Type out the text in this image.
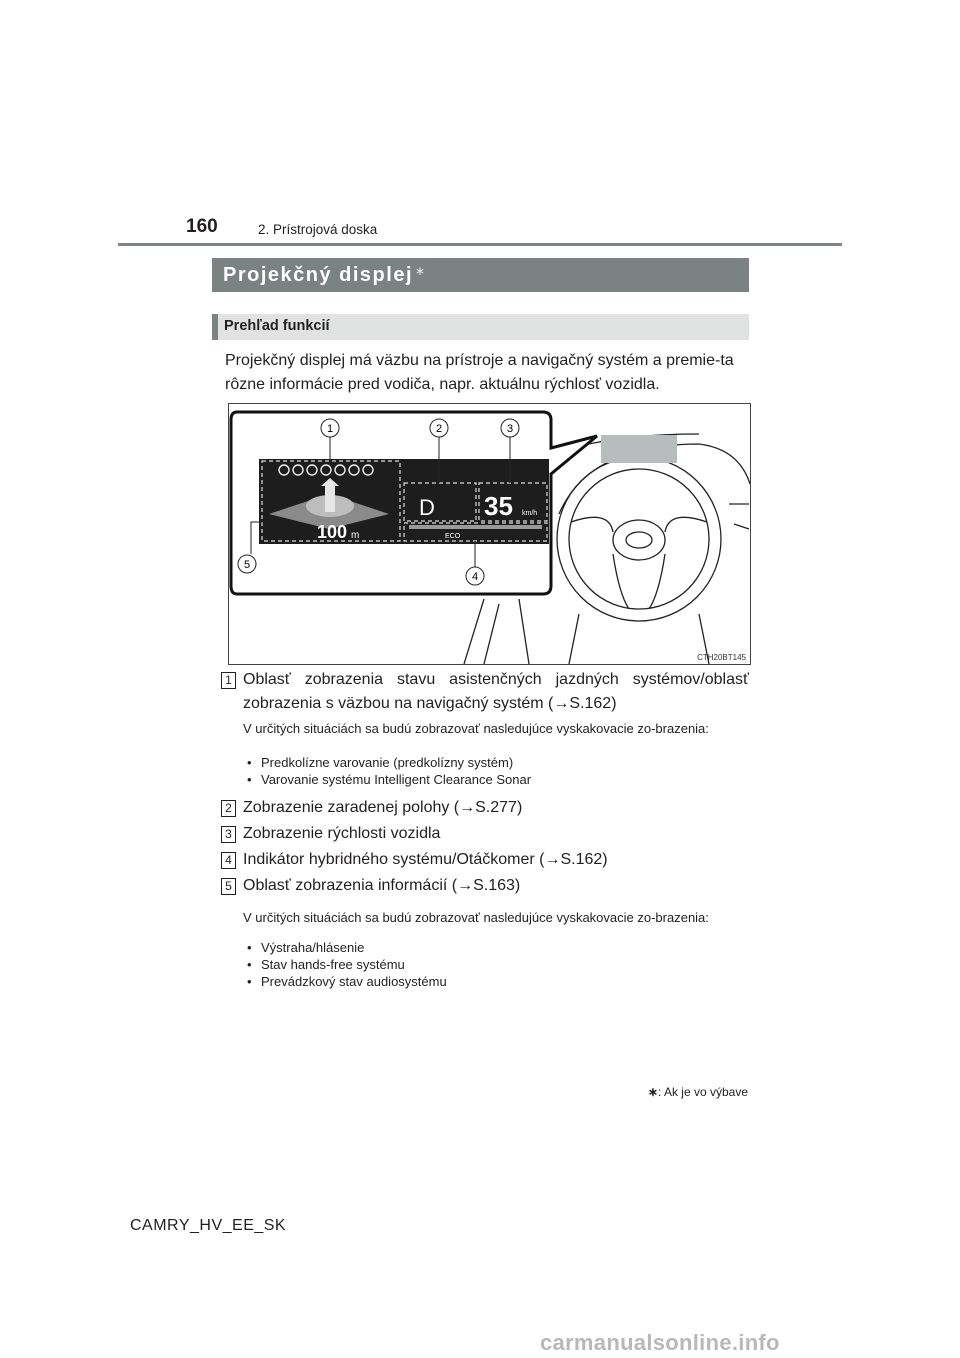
160	2. Prístrojová doska
Projekčný displej ∗
Prehľad funkcií
Projekčný displej má väzbu na prístroje a navigačný systém a premie-ta rôzne informácie pred vodiča, napr. aktuálnu rýchlosť vozidla.
100 m
D 35 km/h
ECO
1	2	3
4
5
CTH20BT145
1 Oblasť zobrazenia stavu asistenčných jazdných systémov/oblasť zobrazenia s väzbou na navigačný systém (→S.162)
V určitých situáciách sa budú zobrazovať nasledujúce vyskakovacie zo-brazenia:
• Predkolízne varovanie (predkolízny systém)
• Varovanie systému Intelligent Clearance Sonar
2 Zobrazenie zaradenej polohy (→S.277)
3 Zobrazenie rýchlosti vozidla
4 Indikátor hybridného systému/Otáčkomer (→S.162)
5 Oblasť zobrazenia informácií (→S.163)
V určitých situáciách sa budú zobrazovať nasledujúce vyskakovacie zo-brazenia:
• Výstraha/hlásenie
• Stav hands-free systému
• Prevádzkový stav audiosystému
∗: Ak je vo výbave
CAMRY_HV_EE_SK
carmanualsonline.info
